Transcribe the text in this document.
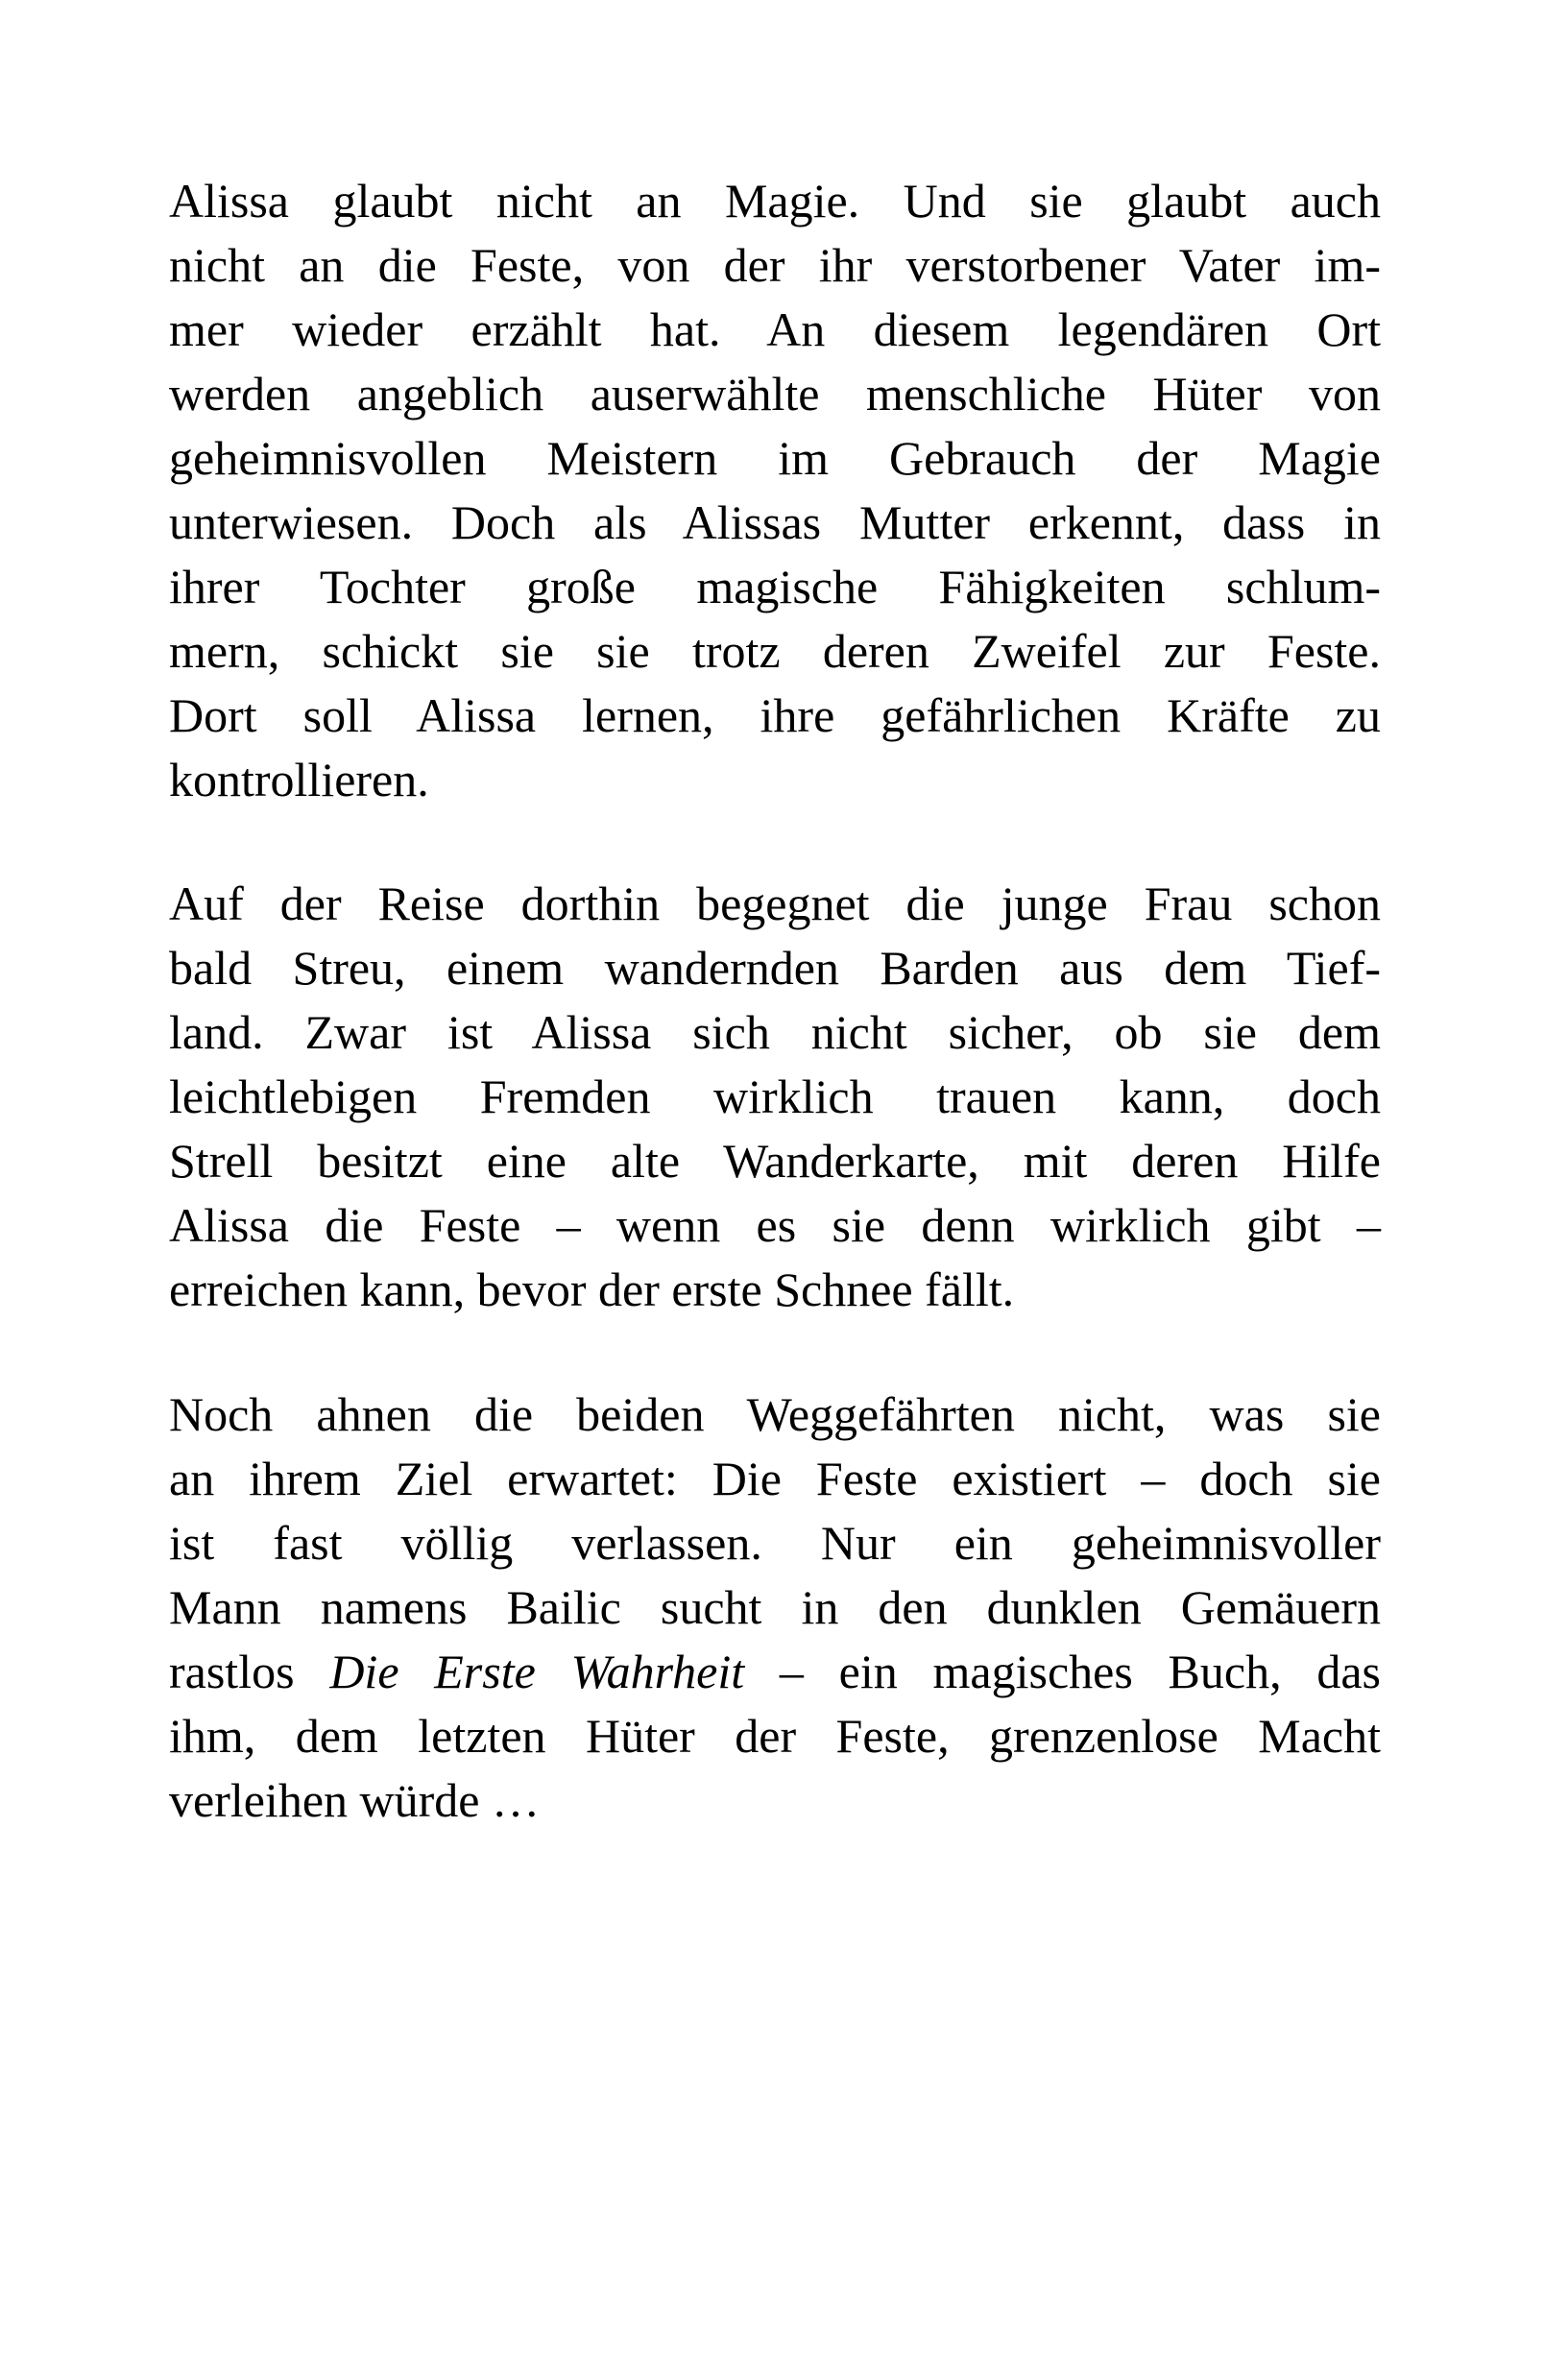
Alissa glaubt nicht an Magie. Und sie glaubt auch
nicht an die Feste, von der ihr verstorbener Vater im-
mer wieder erzählt hat. An diesem legendären Ort
werden angeblich auserwählte menschliche Hüter von
geheimnisvollen Meistern im Gebrauch der Magie
unterwiesen. Doch als Alissas Mutter erkennt, dass in
ihrer Tochter große magische Fähigkeiten schlum-
mern, schickt sie sie trotz deren Zweifel zur Feste.
Dort soll Alissa lernen, ihre gefährlichen Kräfte zu
kontrollieren.
Auf der Reise dorthin begegnet die junge Frau schon
bald Streu, einem wandernden Barden aus dem Tief-
land. Zwar ist Alissa sich nicht sicher, ob sie dem
leichtlebigen Fremden wirklich trauen kann, doch
Strell besitzt eine alte Wanderkarte, mit deren Hilfe
Alissa die Feste – wenn es sie denn wirklich gibt –
erreichen kann, bevor der erste Schnee fällt.
Noch ahnen die beiden Weggefährten nicht, was sie
an ihrem Ziel erwartet: Die Feste existiert – doch sie
ist fast völlig verlassen. Nur ein geheimnisvoller
Mann namens Bailic sucht in den dunklen Gemäuern
rastlos Die Erste Wahrheit – ein magisches Buch, das
ihm, dem letzten Hüter der Feste, grenzenlose Macht
verleihen würde …
